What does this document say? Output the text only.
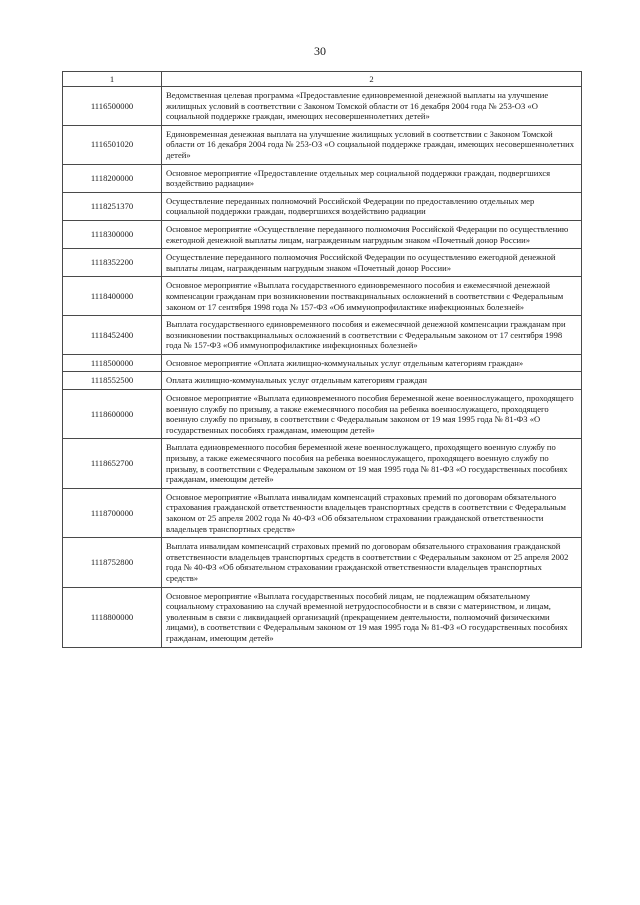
30
1	2
1116500000	Ведомственная целевая программа «Предоставление единовременной денежной выплаты на улучшение жилищных условий в соответствии с Законом Томской области от 16 декабря 2004 года № 253-ОЗ «О социальной поддержке граждан, имеющих несовершеннолетних детей»
1116501020	Единовременная денежная выплата на улучшение жилищных условий в соответствии с Законом Томской области от 16 декабря 2004 года № 253-ОЗ «О социальной поддержке граждан, имеющих несовершеннолетних детей»
1118200000	Основное мероприятие «Предоставление отдельных мер социальной поддержки граждан, подвергшихся воздействию радиации»
1118251370	Осуществление переданных полномочий Российской Федерации по предоставлению отдельных мер социальной поддержки граждан, подвергшихся воздействию радиации
1118300000	Основное мероприятие «Осуществление переданного полномочия Российской Федерации по осуществлению ежегодной денежной выплаты лицам, награжденным нагрудным знаком «Почетный донор России»
1118352200	Осуществление переданного полномочия Российской Федерации по осуществлению ежегодной денежной выплаты лицам, награжденным нагрудным знаком «Почетный донор России»
1118400000	Основное мероприятие «Выплата государственного единовременного пособия и ежемесячной денежной компенсации гражданам при возникновении поствакцинальных осложнений в соответствии с Федеральным законом от 17 сентября 1998 года № 157-ФЗ «Об иммунопрофилактике инфекционных болезней»
1118452400	Выплата государственного единовременного пособия и ежемесячной денежной компенсации гражданам при возникновении поствакцинальных осложнений в соответствии с Федеральным законом от 17 сентября 1998 года № 157-ФЗ «Об иммунопрофилактике инфекционных болезней»
1118500000	Основное мероприятие «Оплата жилищно-коммунальных услуг отдельным категориям граждан»
1118552500	Оплата жилищно-коммунальных услуг отдельным категориям граждан
1118600000	Основное мероприятие «Выплата единовременного пособия беременной жене военнослужащего, проходящего военную службу по призыву, а также ежемесячного пособия на ребенка военнослужащего, проходящего военную службу по призыву, в соответствии с Федеральным законом от 19 мая 1995 года № 81-ФЗ «О государственных пособиях гражданам, имеющим детей»
1118652700	Выплата единовременного пособия беременной жене военнослужащего, проходящего военную службу по призыву, а также ежемесячного пособия на ребенка военнослужащего, проходящего военную службу по призыву, в соответствии с Федеральным законом от 19 мая 1995 года № 81-ФЗ «О государственных пособиях гражданам, имеющим детей»
1118700000	Основное мероприятие «Выплата инвалидам компенсаций страховых премий по договорам обязательного страхования гражданской ответственности владельцев транспортных средств в соответствии с Федеральным законом от 25 апреля 2002 года № 40-ФЗ «Об обязательном страховании гражданской ответственности владельцев транспортных средств»
1118752800	Выплата инвалидам компенсаций страховых премий по договорам обязательного страхования гражданской ответственности владельцев транспортных средств в соответствии с Федеральным законом от 25 апреля 2002 года № 40-ФЗ «Об обязательном страховании гражданской ответственности владельцев транспортных средств»
1118800000	Основное мероприятие «Выплата государственных пособий лицам, не подлежащим обязательному социальному страхованию на случай временной нетрудоспособности и в связи с материнством, и лицам, уволенным в связи с ликвидацией организаций (прекращением деятельности, полномочий физическими лицами), в соответствии с Федеральным законом от 19 мая 1995 года № 81-ФЗ «О государственных пособиях гражданам, имеющим детей»
